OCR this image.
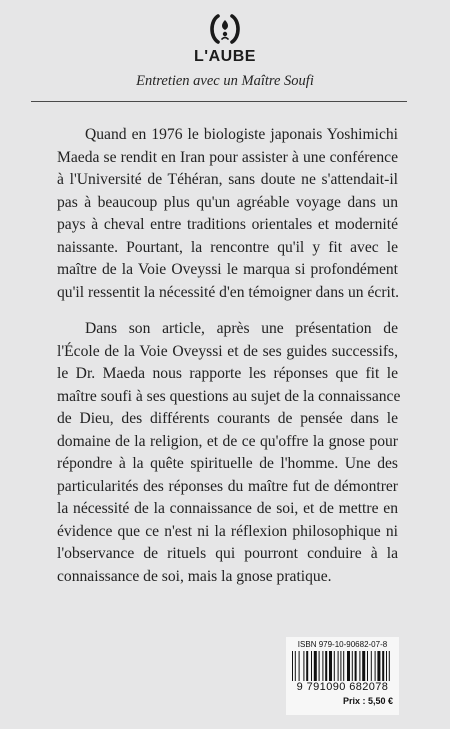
L'AUBE
Entretien avec un Maître Soufi
Quand en 1976 le biologiste japonais Yoshimichi
Maeda se rendit en Iran pour assister à une conférence
à l'Université de Téhéran, sans doute ne s'attendait-il
pas à beaucoup plus qu'un agréable voyage dans un
pays à cheval entre traditions orientales et modernité
naissante. Pourtant, la rencontre qu'il y fit avec le
maître de la Voie Oveyssi le marqua si profondément
qu'il ressentit la nécessité d'en témoigner dans un écrit.
Dans son article, après une présentation de
l'École de la Voie Oveyssi et de ses guides successifs,
le Dr. Maeda nous rapporte les réponses que fit le
maître soufi à ses questions au sujet de la connaissance
de Dieu, des différents courants de pensée dans le
domaine de la religion, et de ce qu'offre la gnose pour
répondre à la quête spirituelle de l'homme. Une des
particularités des réponses du maître fut de démontrer
la nécessité de la connaissance de soi, et de mettre en
évidence que ce n'est ni la réflexion philosophique ni
l'observance de rituels qui pourront conduire à la
connaissance de soi, mais la gnose pratique.
ISBN 979-10-90682-07-8
9 791090 682078
Prix : 5,50 €
